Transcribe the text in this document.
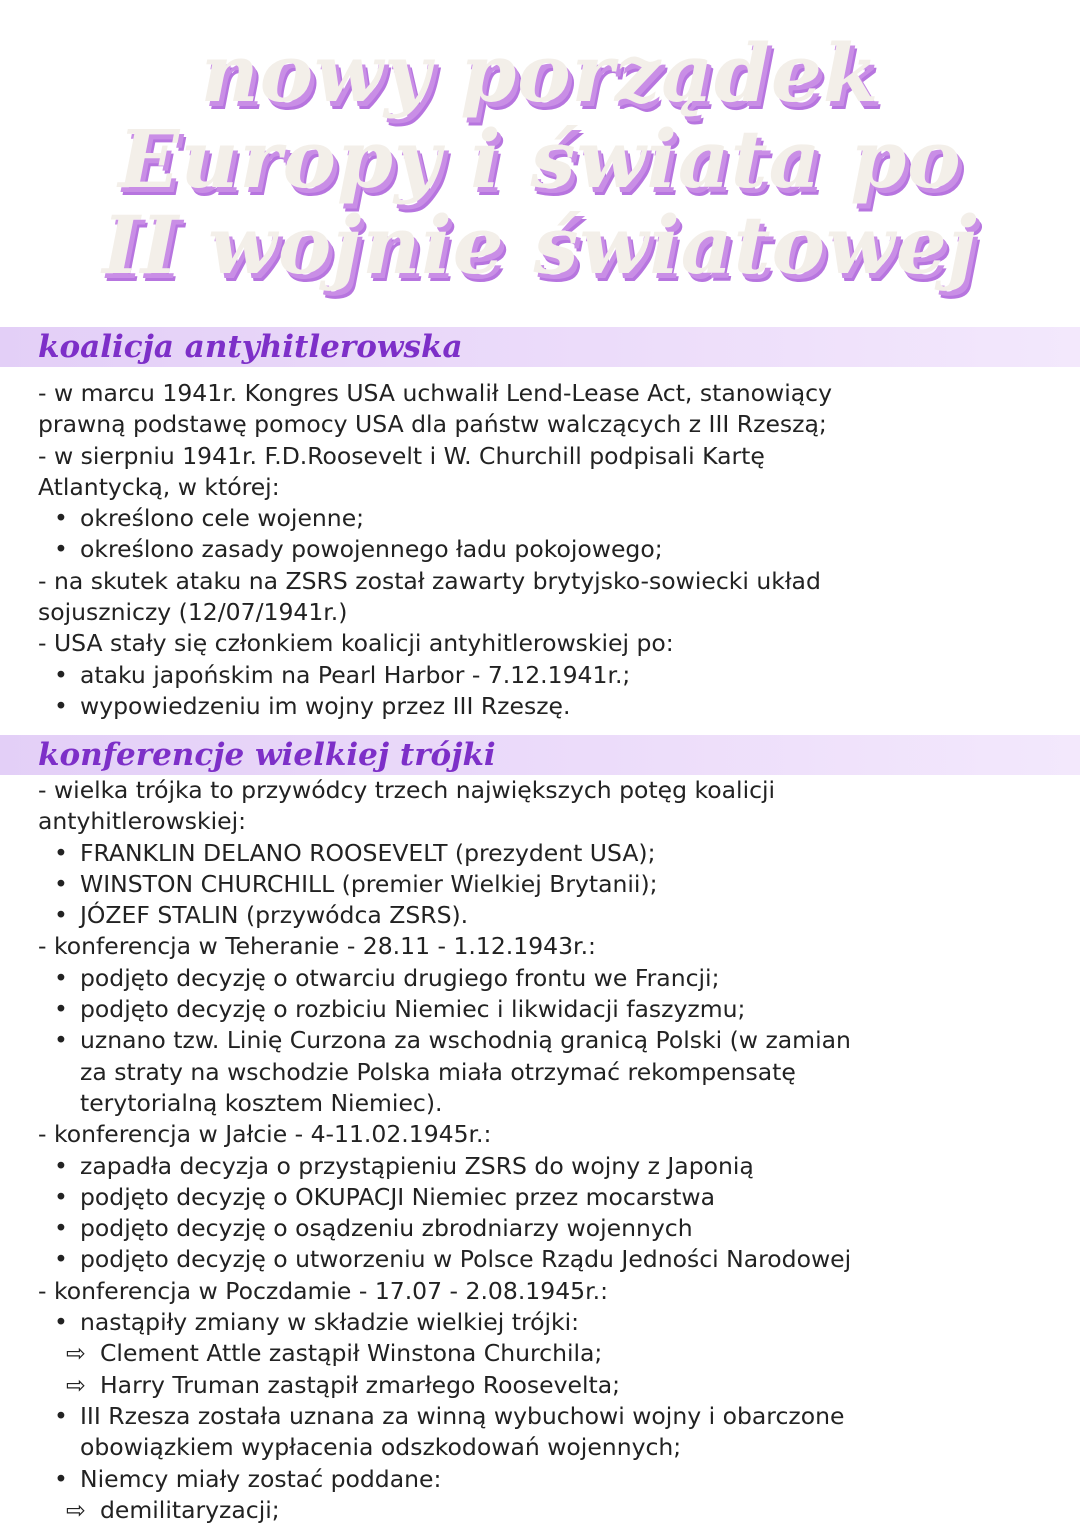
nowy porządek
Europy i świata po
II wojnie światowej
koalicja antyhitlerowska

- w marcu 1941r. Kongres USA uchwalił Lend-Lease Act, stanowiący

prawną podstawę pomocy USA dla państw walczących z III Rzeszą;

- w sierpniu 1941r. F.D.Roosevelt i W. Churchill podpisali Kartę

Atlantycką, w której:

• określono cele wojenne;

• określono zasady powojennego ładu pokojowego;

- na skutek ataku na ZSRS został zawarty brytyjsko-sowiecki układ

sojuszniczy (12/07/1941r.)

- USA stały się członkiem koalicji antyhitlerowskiej po:

• ataku japońskim na Pearl Harbor - 7.12.1941r.;

• wypowiedzeniu im wojny przez III Rzeszę.

konferencje wielkiej trójki

- wielka trójka to przywódcy trzech największych potęg koalicji

antyhitlerowskiej:

• FRANKLIN DELANO ROOSEVELT (prezydent USA);

• WINSTON CHURCHILL (premier Wielkiej Brytanii);

• JÓZEF STALIN (przywódca ZSRS).

- konferencja w Teheranie - 28.11 - 1.12.1943r.:

• podjęto decyzję o otwarciu drugiego frontu we Francji;

• podjęto decyzję o rozbiciu Niemiec i likwidacji faszyzmu;

• uznano tzw. Linię Curzona za wschodnią granicą Polski (w zamian

za straty na wschodzie Polska miała otrzymać rekompensatę

terytorialną kosztem Niemiec).

- konferencja w Jałcie - 4-11.02.1945r.:

• zapadła decyzja o przystąpieniu ZSRS do wojny z Japonią

• podjęto decyzję o OKUPACJI Niemiec przez mocarstwa

• podjęto decyzję o osądzeniu zbrodniarzy wojennych

• podjęto decyzję o utworzeniu w Polsce Rządu Jedności Narodowej

- konferencja w Poczdamie - 17.07 - 2.08.1945r.:

• nastąpiły zmiany w składzie wielkiej trójki:

⇨ Clement Attle zastąpił Winstona Churchila;

⇨ Harry Truman zastąpił zmarłego Roosevelta;

• III Rzesza została uznana za winną wybuchowi wojny i obarczone

obowiązkiem wypłacenia odszkodowań wojennych;

• Niemcy miały zostać poddane:

⇨ demilitaryzacji;
